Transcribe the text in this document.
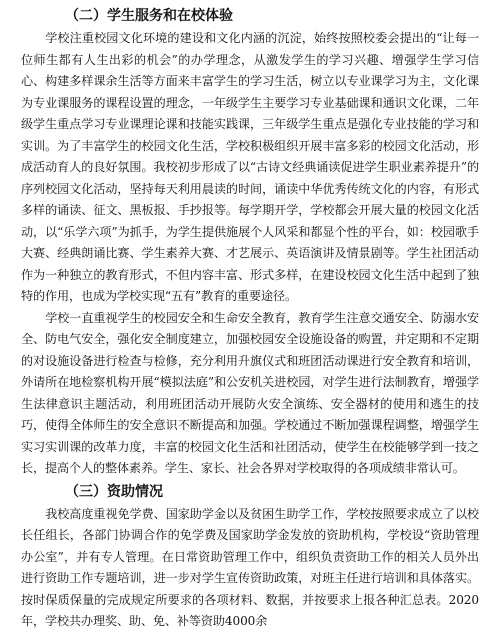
（二）学生服务和在校体验

学校注重校园文化环境的建设和文化内涵的沉淀，始终按照校委会提出的“让每一位师生都有人生出彩的机会”的办学理念，从激发学生的学习兴趣、增强学生学习信心、构建多样课余生活等方面来丰富学生的学习生活，树立以专业课学习为主，文化课为专业课服务的课程设置的理念，一年级学生主要学习专业基础课和通识文化课，二年级学生重点学习专业课理论课和技能实践课，三年级学生重点是强化专业技能的学习和实训。为了丰富学生的校园文化生活，学校积极组织开展丰富多彩的校园文化活动，形成活动育人的良好氛围。我校初步形成了以“古诗文经典诵读促进学生职业素养提升”的序列校园文化活动，坚持每天利用晨读的时间，诵读中华优秀传统文化的内容，有形式多样的诵读、征文、黑板报、手抄报等。每学期开学，学校都会开展大量的校园文化活动，以“乐学六项”为抓手，为学生提供施展个人风采和都显个性的平台，如：校园歌手大赛、经典朗诵比赛、学生素养大赛、才艺展示、英语演讲及情景剧等。学生社团活动作为一种独立的教育形式，不但内容丰富、形式多样，在建设校园文化生活中起到了独特的作用，也成为学校实现“五有”教育的重要途径。

学校一直重视学生的校园安全和生命安全教育，教育学生注意交通安全、防溺水安全、防电气安全，强化安全制度建立，加强校园安全设施设备的购置，并定期和不定期的对设施设备进行检查与检修，充分利用升旗仪式和班团活动课进行安全教育和培训，外请所在地检察机构开展“模拟法庭”和公安机关进校园，对学生进行法制教育，增强学生法律意识主题活动，利用班团活动开展防火安全演练、安全器材的使用和逃生的技巧，使得全体师生的安全意识不断提高和加强。学校通过不断加强课程调整，增强学生实习实训课的改革力度，丰富的校园文化生活和社团活动，使学生在校能够学到一技之长，提高个人的整体素养。学生、家长、社会各界对学校取得的各项成绩非常认可。

（三）资助情况

我校高度重视免学费、国家助学金以及贫困生助学工作，学校按照要求成立了以校长任组长，各部门协调合作的免学费及国家助学金发放的资助机构，学校设“资助管理办公室”，并有专人管理。在日常资助管理工作中，组织负责资助工作的相关人员外出进行资助工作专题培训，进一步对学生宣传资助政策，对班主任进行培训和具体落实。按时保质保量的完成规定所要求的各项材料、数据，并按要求上报各种汇总表。2020年，学校共办理奖、助、免、补等资助4000余
